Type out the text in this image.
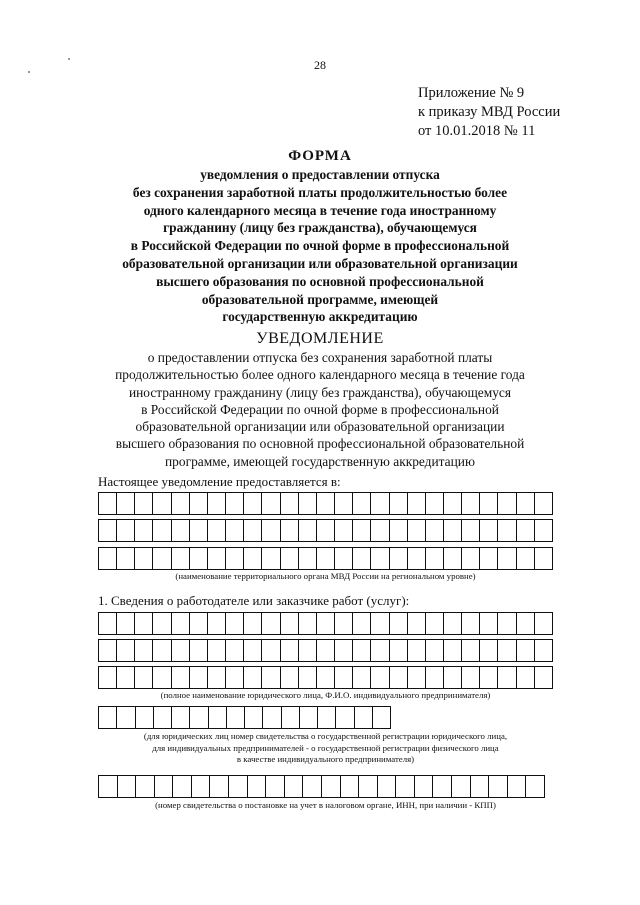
28
Приложение № 9
к приказу МВД России
от 10.01.2018 № 11
ФОРМА
уведомления о предоставлении отпуска
без сохранения заработной платы продолжительностью более
одного календарного месяца в течение года иностранному
гражданину (лицу без гражданства), обучающемуся
в Российской Федерации по очной форме в профессиональной
образовательной организации или образовательной организации
высшего образования по основной профессиональной
образовательной программе, имеющей
государственную аккредитацию
УВЕДОМЛЕНИЕ
о предоставлении отпуска без сохранения заработной платы
продолжительностью более одного календарного месяца в течение года
иностранному гражданину (лицу без гражданства), обучающемуся
в Российской Федерации по очной форме в профессиональной
образовательной организации или образовательной организации
высшего образования по основной профессиональной образовательной
программе, имеющей государственную аккредитацию
Настоящее уведомление предоставляется в:
(наименование территориального органа МВД России на региональном уровне)
1. Сведения о работодателе или заказчике работ (услуг):
(полное наименование юридического лица, Ф.И.О. индивидуального предпринимателя)
(для юридических лиц номер свидетельства о государственной регистрации юридического лица,
для индивидуальных предпринимателей - о государственной регистрации физического лица
в качестве индивидуального предпринимателя)
(номер свидетельства о постановке на учет в налоговом органе, ИНН, при наличии - КПП)
